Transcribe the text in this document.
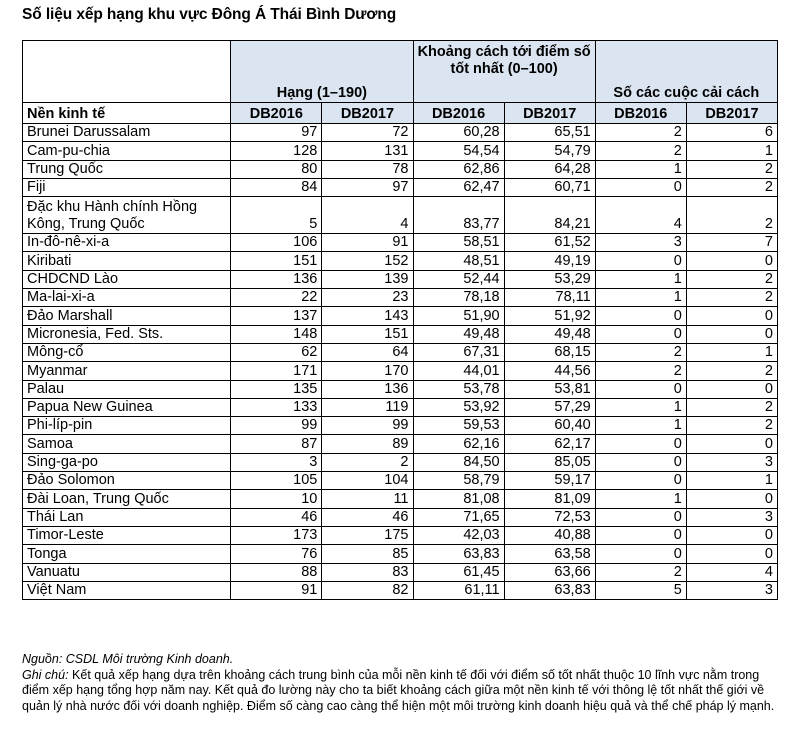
Số liệu xếp hạng khu vực Đông Á Thái Bình Dương
	Hạng (1–190)		Khoảng cách tới điểm số tốt nhất (0–100)		Số các cuộc cải cách	
Nền kinh tế	DB2016	DB2017	DB2016	DB2017	DB2016	DB2017
Brunei Darussalam	97	72	60,28	65,51	2	6
Cam-pu-chia	128	131	54,54	54,79	2	1
Trung Quốc	80	78	62,86	64,28	1	2
Fiji	84	97	62,47	60,71	0	2
Đặc khu Hành chính Hồng Kông, Trung Quốc	5	4	83,77	84,21	4	2
In-đô-nê-xi-a	106	91	58,51	61,52	3	7
Kiribati	151	152	48,51	49,19	0	0
CHDCND Lào	136	139	52,44	53,29	1	2
Ma-lai-xi-a	22	23	78,18	78,11	1	2
Đảo Marshall	137	143	51,90	51,92	0	0
Micronesia, Fed. Sts.	148	151	49,48	49,48	0	0
Mông-cổ	62	64	67,31	68,15	2	1
Myanmar	171	170	44,01	44,56	2	2
Palau	135	136	53,78	53,81	0	0
Papua New Guinea	133	119	53,92	57,29	1	2
Phi-líp-pin	99	99	59,53	60,40	1	2
Samoa	87	89	62,16	62,17	0	0
Sing-ga-po	3	2	84,50	85,05	0	3
Đảo Solomon	105	104	58,79	59,17	0	1
Đài Loan, Trung Quốc	10	11	81,08	81,09	1	0
Thái Lan	46	46	71,65	72,53	0	3
Timor-Leste	173	175	42,03	40,88	0	0
Tonga	76	85	63,83	63,58	0	0
Vanuatu	88	83	61,45	63,66	2	4
Việt Nam	91	82	61,11	63,83	5	3
Nguồn: CSDL Môi trường Kinh doanh.
Ghi chú: Kết quả xếp hạng dựa trên khoảng cách trung bình của mỗi nền kinh tế đối với điểm số tốt nhất thuộc 10 lĩnh vực nằm trong điểm xếp hạng tổng hợp năm nay. Kết quả đo lường này cho ta biết khoảng cách giữa một nền kinh tế với thông lệ tốt nhất thế giới về quản lý nhà nước đối với doanh nghiệp. Điểm số càng cao càng thể hiện một môi trường kinh doanh hiệu quả và thể chế pháp lý mạnh.
